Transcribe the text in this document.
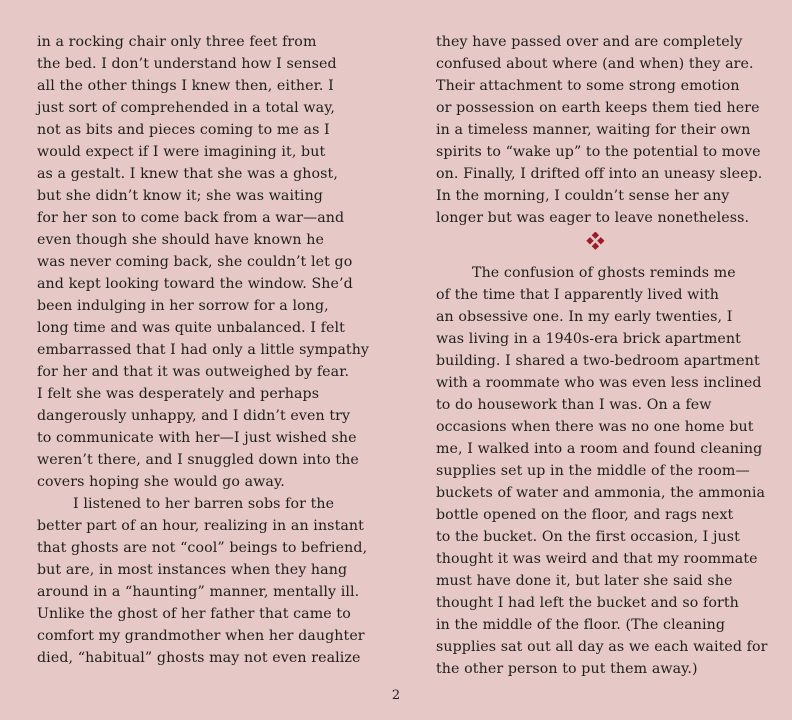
in a rocking chair only three feet from
the bed. I don’t understand how I sensed
all the other things I knew then, either. I
just sort of comprehended in a total way,
not as bits and pieces coming to me as I
would expect if I were imagining it, but
as a gestalt. I knew that she was a ghost,
but she didn’t know it; she was waiting
for her son to come back from a war—and
even though she should have known he
was never coming back, she couldn’t let go
and kept looking toward the window. She’d
been indulging in her sorrow for a long,
long time and was quite unbalanced. I felt
embarrassed that I had only a little sympathy
for her and that it was outweighed by fear.
I felt she was desperately and perhaps
dangerously unhappy, and I didn’t even try
to communicate with her—I just wished she
weren’t there, and I snuggled down into the
covers hoping she would go away.
I listened to her barren sobs for the
better part of an hour, realizing in an instant
that ghosts are not “cool” beings to befriend,
but are, in most instances when they hang
around in a “haunting” manner, mentally ill.
Unlike the ghost of her father that came to
comfort my grandmother when her daughter
died, “habitual” ghosts may not even realize
they have passed over and are completely
confused about where (and when) they are.
Their attachment to some strong emotion
or possession on earth keeps them tied here
in a timeless manner, waiting for their own
spirits to “wake up” to the potential to move
on. Finally, I drifted off into an uneasy sleep.
In the morning, I couldn’t sense her any
longer but was eager to leave nonetheless.
The confusion of ghosts reminds me
of the time that I apparently lived with
an obsessive one. In my early twenties, I
was living in a 1940s-era brick apartment
building. I shared a two-bedroom apartment
with a roommate who was even less inclined
to do housework than I was. On a few
occasions when there was no one home but
me, I walked into a room and found cleaning
supplies set up in the middle of the room—
buckets of water and ammonia, the ammonia
bottle opened on the floor, and rags next
to the bucket. On the first occasion, I just
thought it was weird and that my roommate
must have done it, but later she said she
thought I had left the bucket and so forth
in the middle of the floor. (The cleaning
supplies sat out all day as we each waited for
the other person to put them away.)
2
